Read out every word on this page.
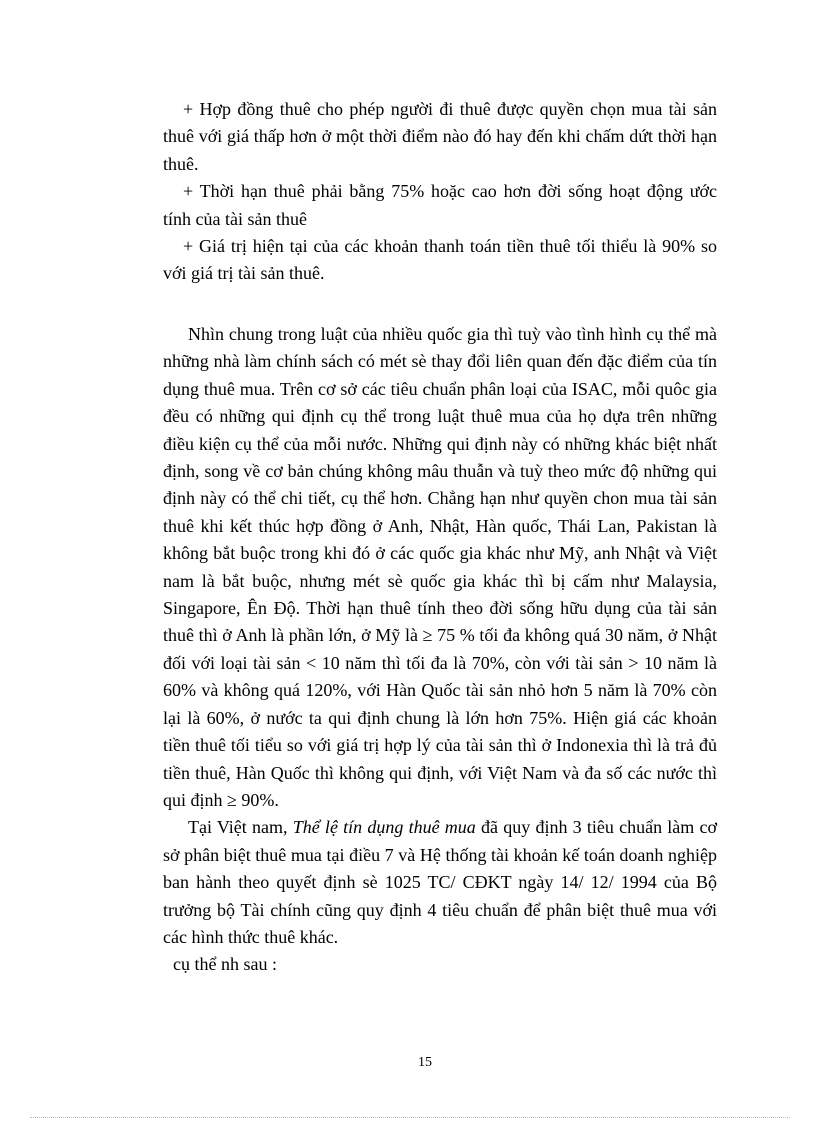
+ Hợp đồng thuê cho phép người đi thuê được quyền chọn mua tài sản thuê với giá thấp hơn ở một thời điểm nào đó hay đến khi chấm dứt thời hạn thuê.

+ Thời hạn thuê phải bằng 75% hoặc cao hơn đời sống hoạt động ước tính của tài sản thuê

+ Giá trị hiện tại của các khoản thanh toán tiền thuê tối thiểu là 90% so với giá trị tài sản thuê.

Nhìn chung trong luật của nhiều quốc gia thì tuỳ vào tình hình cụ thể mà những nhà làm chính sách có mét sè thay đổi liên quan đến đặc điểm của tín dụng thuê mua. Trên cơ sở các tiêu chuẩn phân loại của ISAC, mỗi quôc gia đều có những qui định cụ thể trong luật thuê mua của họ dựa trên những điều kiện cụ thể của mỗi nước. Những qui định này có những khác biệt nhất định, song về cơ bản chúng không mâu thuẫn và tuỳ theo mức độ những qui định này có thể chi tiết, cụ thể hơn. Chẳng hạn như quyền chon mua tài sản thuê khi kết thúc hợp đồng ở Anh, Nhật, Hàn quốc, Thái Lan, Pakistan là không bắt buộc trong khi đó ở các quốc gia khác như Mỹ, anh Nhật và Việt nam là bắt buộc, nhưng mét sè quốc gia khác thì bị cấm như Malaysia, Singapore, Ên Độ. Thời hạn thuê tính theo đời sống hữu dụng của tài sản thuê thì ở Anh là phần lớn, ở Mỹ là ≥ 75 % tối đa không quá 30 năm, ở Nhật đối với loại tài sản < 10 năm thì tối đa là 70%, còn với tài sản > 10 năm là 60% và không quá 120%, với Hàn Quốc tài sản nhỏ hơn 5 năm là 70% còn lại là 60%, ở nước ta qui định chung là lớn hơn 75%. Hiện giá các khoản tiền thuê tối tiểu so với giá trị hợp lý của tài sản thì ở Indonexia thì là trả đủ tiền thuê, Hàn Quốc thì không qui định, với Việt Nam và đa số các nước thì qui định ≥ 90%.

Tại Việt nam, Thể lệ tín dụng thuê mua đã quy định 3 tiêu chuẩn làm cơ sở phân biệt thuê mua tại điều 7 và Hệ thống tài khoản kế toán doanh nghiệp ban hành theo quyết định sè 1025 TC/ CĐKT ngày 14/ 12/ 1994 của Bộ trưởng bộ Tài chính cũng quy định 4 tiêu chuẩn để phân biệt thuê mua với các hình thức thuê khác.

cụ thể nh sau :

15
